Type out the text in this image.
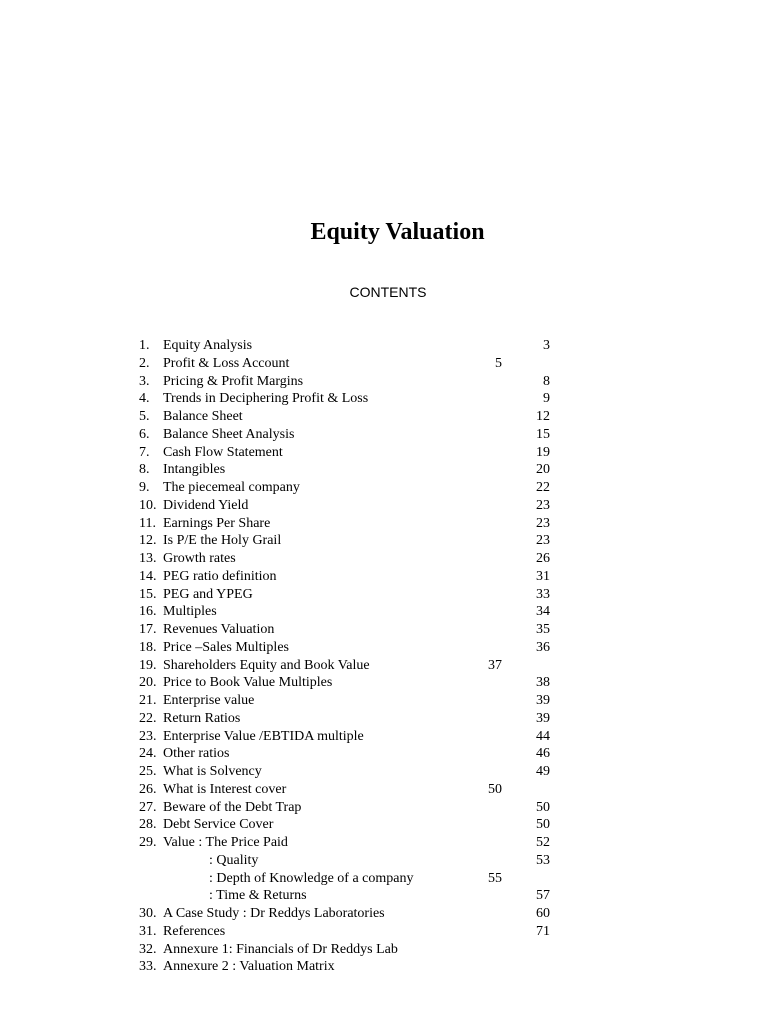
Equity Valuation
CONTENTS
1. Equity Analysis	3
2. Profit & Loss Account	5
3. Pricing & Profit Margins	8
4. Trends in Deciphering Profit & Loss	9
5. Balance Sheet	12
6. Balance Sheet Analysis	15
7. Cash Flow Statement	19
8. Intangibles	20
9. The piecemeal company	22
10. Dividend Yield	23
11. Earnings Per Share	23
12. Is P/E the Holy Grail	23
13. Growth rates	26
14. PEG ratio definition	31
15. PEG and YPEG	33
16. Multiples	34
17. Revenues Valuation	35
18. Price –Sales Multiples	36
19. Shareholders Equity and Book Value	37
20. Price to Book Value Multiples	38
21. Enterprise value	39
22. Return Ratios	39
23. Enterprise Value /EBTIDA multiple	44
24. Other ratios	46
25. What is Solvency	49
26. What is Interest cover	50
27. Beware of the Debt Trap	50
28. Debt Service Cover	50
29. Value : The Price Paid	52
: Quality	53
: Depth of Knowledge of a company	55
: Time & Returns	57
30. A Case Study : Dr Reddys Laboratories	60
31. References	71
32. Annexure 1: Financials of Dr Reddys Lab
33. Annexure 2 : Valuation Matrix
